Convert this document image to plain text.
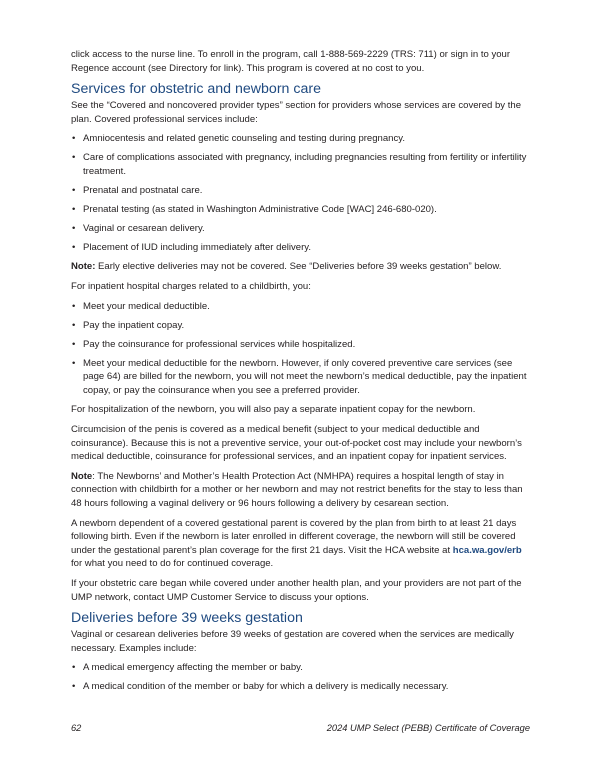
click access to the nurse line. To enroll in the program, call 1-888-569-2229 (TRS: 711) or sign in to your Regence account (see Directory for link). This program is covered at no cost to you.

Services for obstetric and newborn care

See the “Covered and noncovered provider types” section for providers whose services are covered by the plan. Covered professional services include:

• Amniocentesis and related genetic counseling and testing during pregnancy.
• Care of complications associated with pregnancy, including pregnancies resulting from fertility or infertility treatment.
• Prenatal and postnatal care.
• Prenatal testing (as stated in Washington Administrative Code [WAC] 246-680-020).
• Vaginal or cesarean delivery.
• Placement of IUD including immediately after delivery.

Note: Early elective deliveries may not be covered. See “Deliveries before 39 weeks gestation” below.

For inpatient hospital charges related to a childbirth, you:

• Meet your medical deductible.
• Pay the inpatient copay.
• Pay the coinsurance for professional services while hospitalized.
• Meet your medical deductible for the newborn. However, if only covered preventive care services (see page 64) are billed for the newborn, you will not meet the newborn’s medical deductible, pay the inpatient copay, or pay the coinsurance when you see a preferred provider.

For hospitalization of the newborn, you will also pay a separate inpatient copay for the newborn.

Circumcision of the penis is covered as a medical benefit (subject to your medical deductible and coinsurance). Because this is not a preventive service, your out-of-pocket cost may include your newborn’s medical deductible, coinsurance for professional services, and an inpatient copay for inpatient services.

Note: The Newborns’ and Mother’s Health Protection Act (NMHPA) requires a hospital length of stay in connection with childbirth for a mother or her newborn and may not restrict benefits for the stay to less than 48 hours following a vaginal delivery or 96 hours following a delivery by cesarean section.

A newborn dependent of a covered gestational parent is covered by the plan from birth to at least 21 days following birth. Even if the newborn is later enrolled in different coverage, the newborn will still be covered under the gestational parent’s plan coverage for the first 21 days. Visit the HCA website at hca.wa.gov/erb for what you need to do for continued coverage.

If your obstetric care began while covered under another health plan, and your providers are not part of the UMP network, contact UMP Customer Service to discuss your options.

Deliveries before 39 weeks gestation

Vaginal or cesarean deliveries before 39 weeks of gestation are covered when the services are medically necessary. Examples include:

• A medical emergency affecting the member or baby.
• A medical condition of the member or baby for which a delivery is medically necessary.
62	2024 UMP Select (PEBB) Certificate of Coverage
